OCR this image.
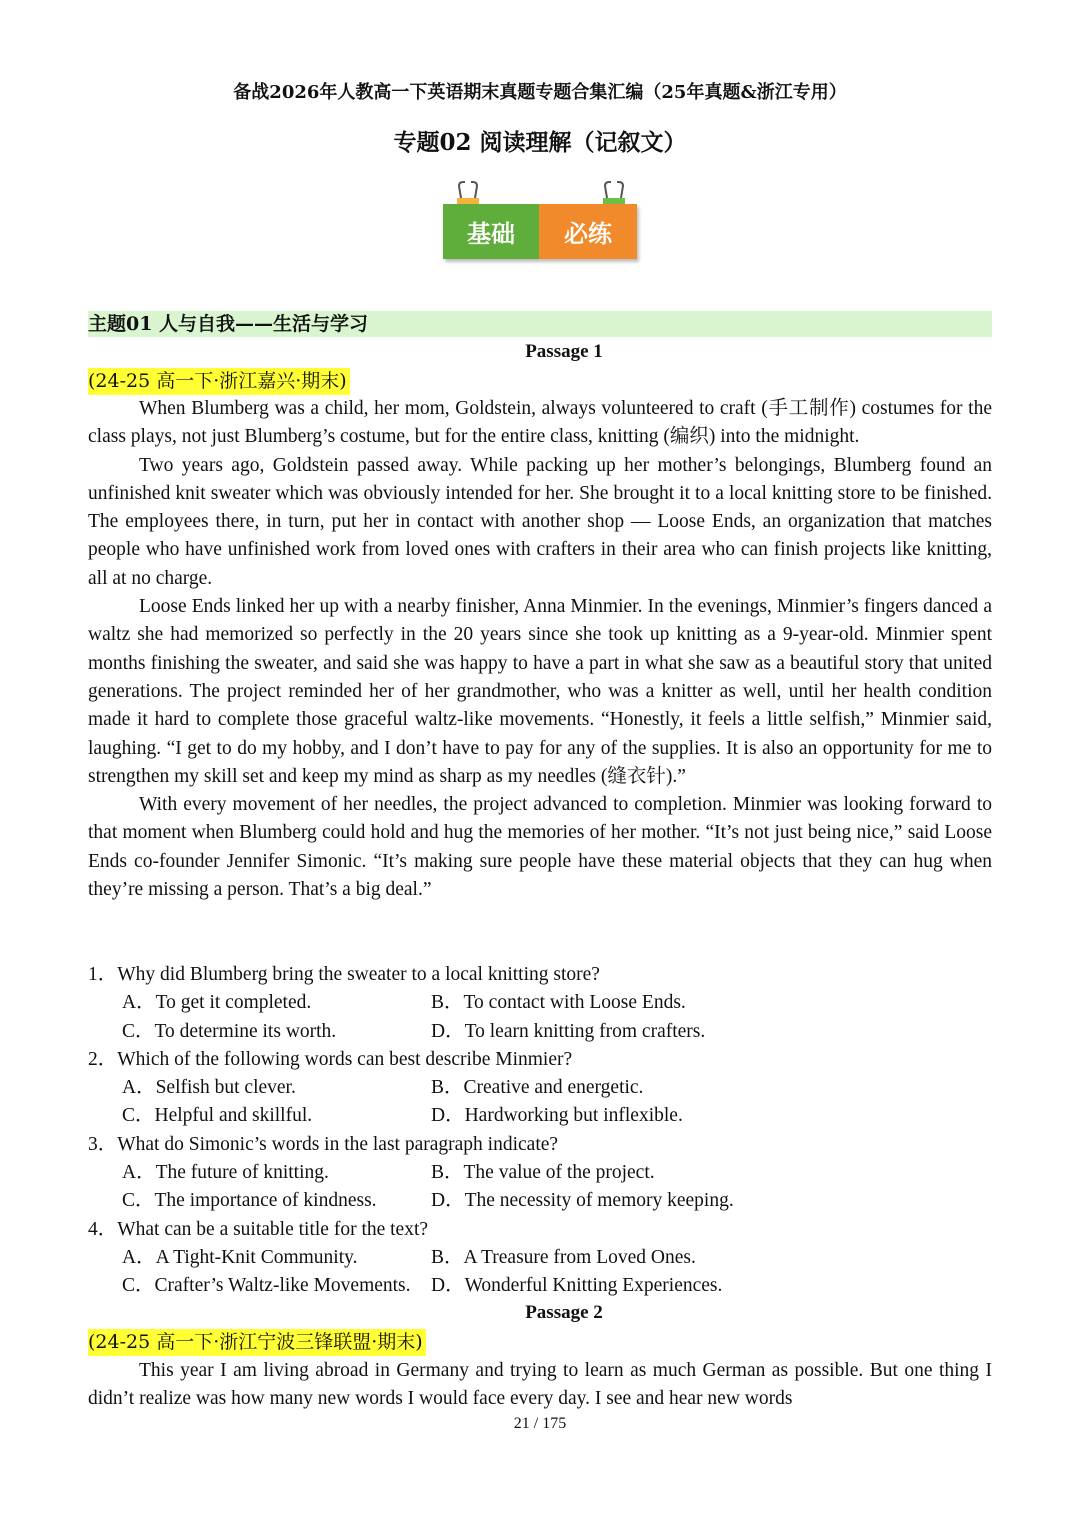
备战2026年人教高一下英语期末真题专题合集汇编（25年真题&浙江专用）
专题02 阅读理解（记叙文）
基础	必练
主题01 人与自我——生活与学习
Passage 1
(24-25 高一下·浙江嘉兴·期末)

When Blumberg was a child, her mom, Goldstein, always volunteered to craft (手工制作) costumes for the class plays, not just Blumberg’s costume, but for the entire class, knitting (编织) into the midnight.

Two years ago, Goldstein passed away. While packing up her mother’s belongings, Blumberg found an unfinished knit sweater which was obviously intended for her. She brought it to a local knitting store to be finished. The employees there, in turn, put her in contact with another shop — Loose Ends, an organization that matches people who have unfinished work from loved ones with crafters in their area who can finish projects like knitting, all at no charge.

Loose Ends linked her up with a nearby finisher, Anna Minmier. In the evenings, Minmier’s fingers danced a waltz she had memorized so perfectly in the 20 years since she took up knitting as a 9-year-old. Minmier spent months finishing the sweater, and said she was happy to have a part in what she saw as a beautiful story that united generations. The project reminded her of her grandmother, who was a knitter as well, until her health condition made it hard to complete those graceful waltz-like movements. “Honestly, it feels a little selfish,” Minmier said, laughing. “I get to do my hobby, and I don’t have to pay for any of the supplies. It is also an opportunity for me to strengthen my skill set and keep my mind as sharp as my needles (缝衣针).”

With every movement of her needles, the project advanced to completion. Minmier was looking forward to that moment when Blumberg could hold and hug the memories of her mother. “It’s not just being nice,” said Loose Ends co-founder Jennifer Simonic. “It’s making sure people have these material objects that they can hug when they’re missing a person. That’s a big deal.”

1．Why did Blumberg bring the sweater to a local knitting store?

A．To get it completed.	B．To contact with Loose Ends.
C．To determine its worth.	D．To learn knitting from crafters.

2．Which of the following words can best describe Minmier?

A．Selfish but clever.	B．Creative and energetic.
C．Helpful and skillful.	D．Hardworking but inflexible.

3．What do Simonic’s words in the last paragraph indicate?

A．The future of knitting.	B．The value of the project.
C．The importance of kindness.	D．The necessity of memory keeping.

4．What can be a suitable title for the text?

A．A Tight-Knit Community.	B．A Treasure from Loved Ones.
C．Crafter’s Waltz-like Movements.	D．Wonderful Knitting Experiences.
Passage 2
(24-25 高一下·浙江宁波三锋联盟·期末)

This year I am living abroad in Germany and trying to learn as much German as possible. But one thing I didn’t realize was how many new words I would face every day. I see and hear new words

21 / 175
